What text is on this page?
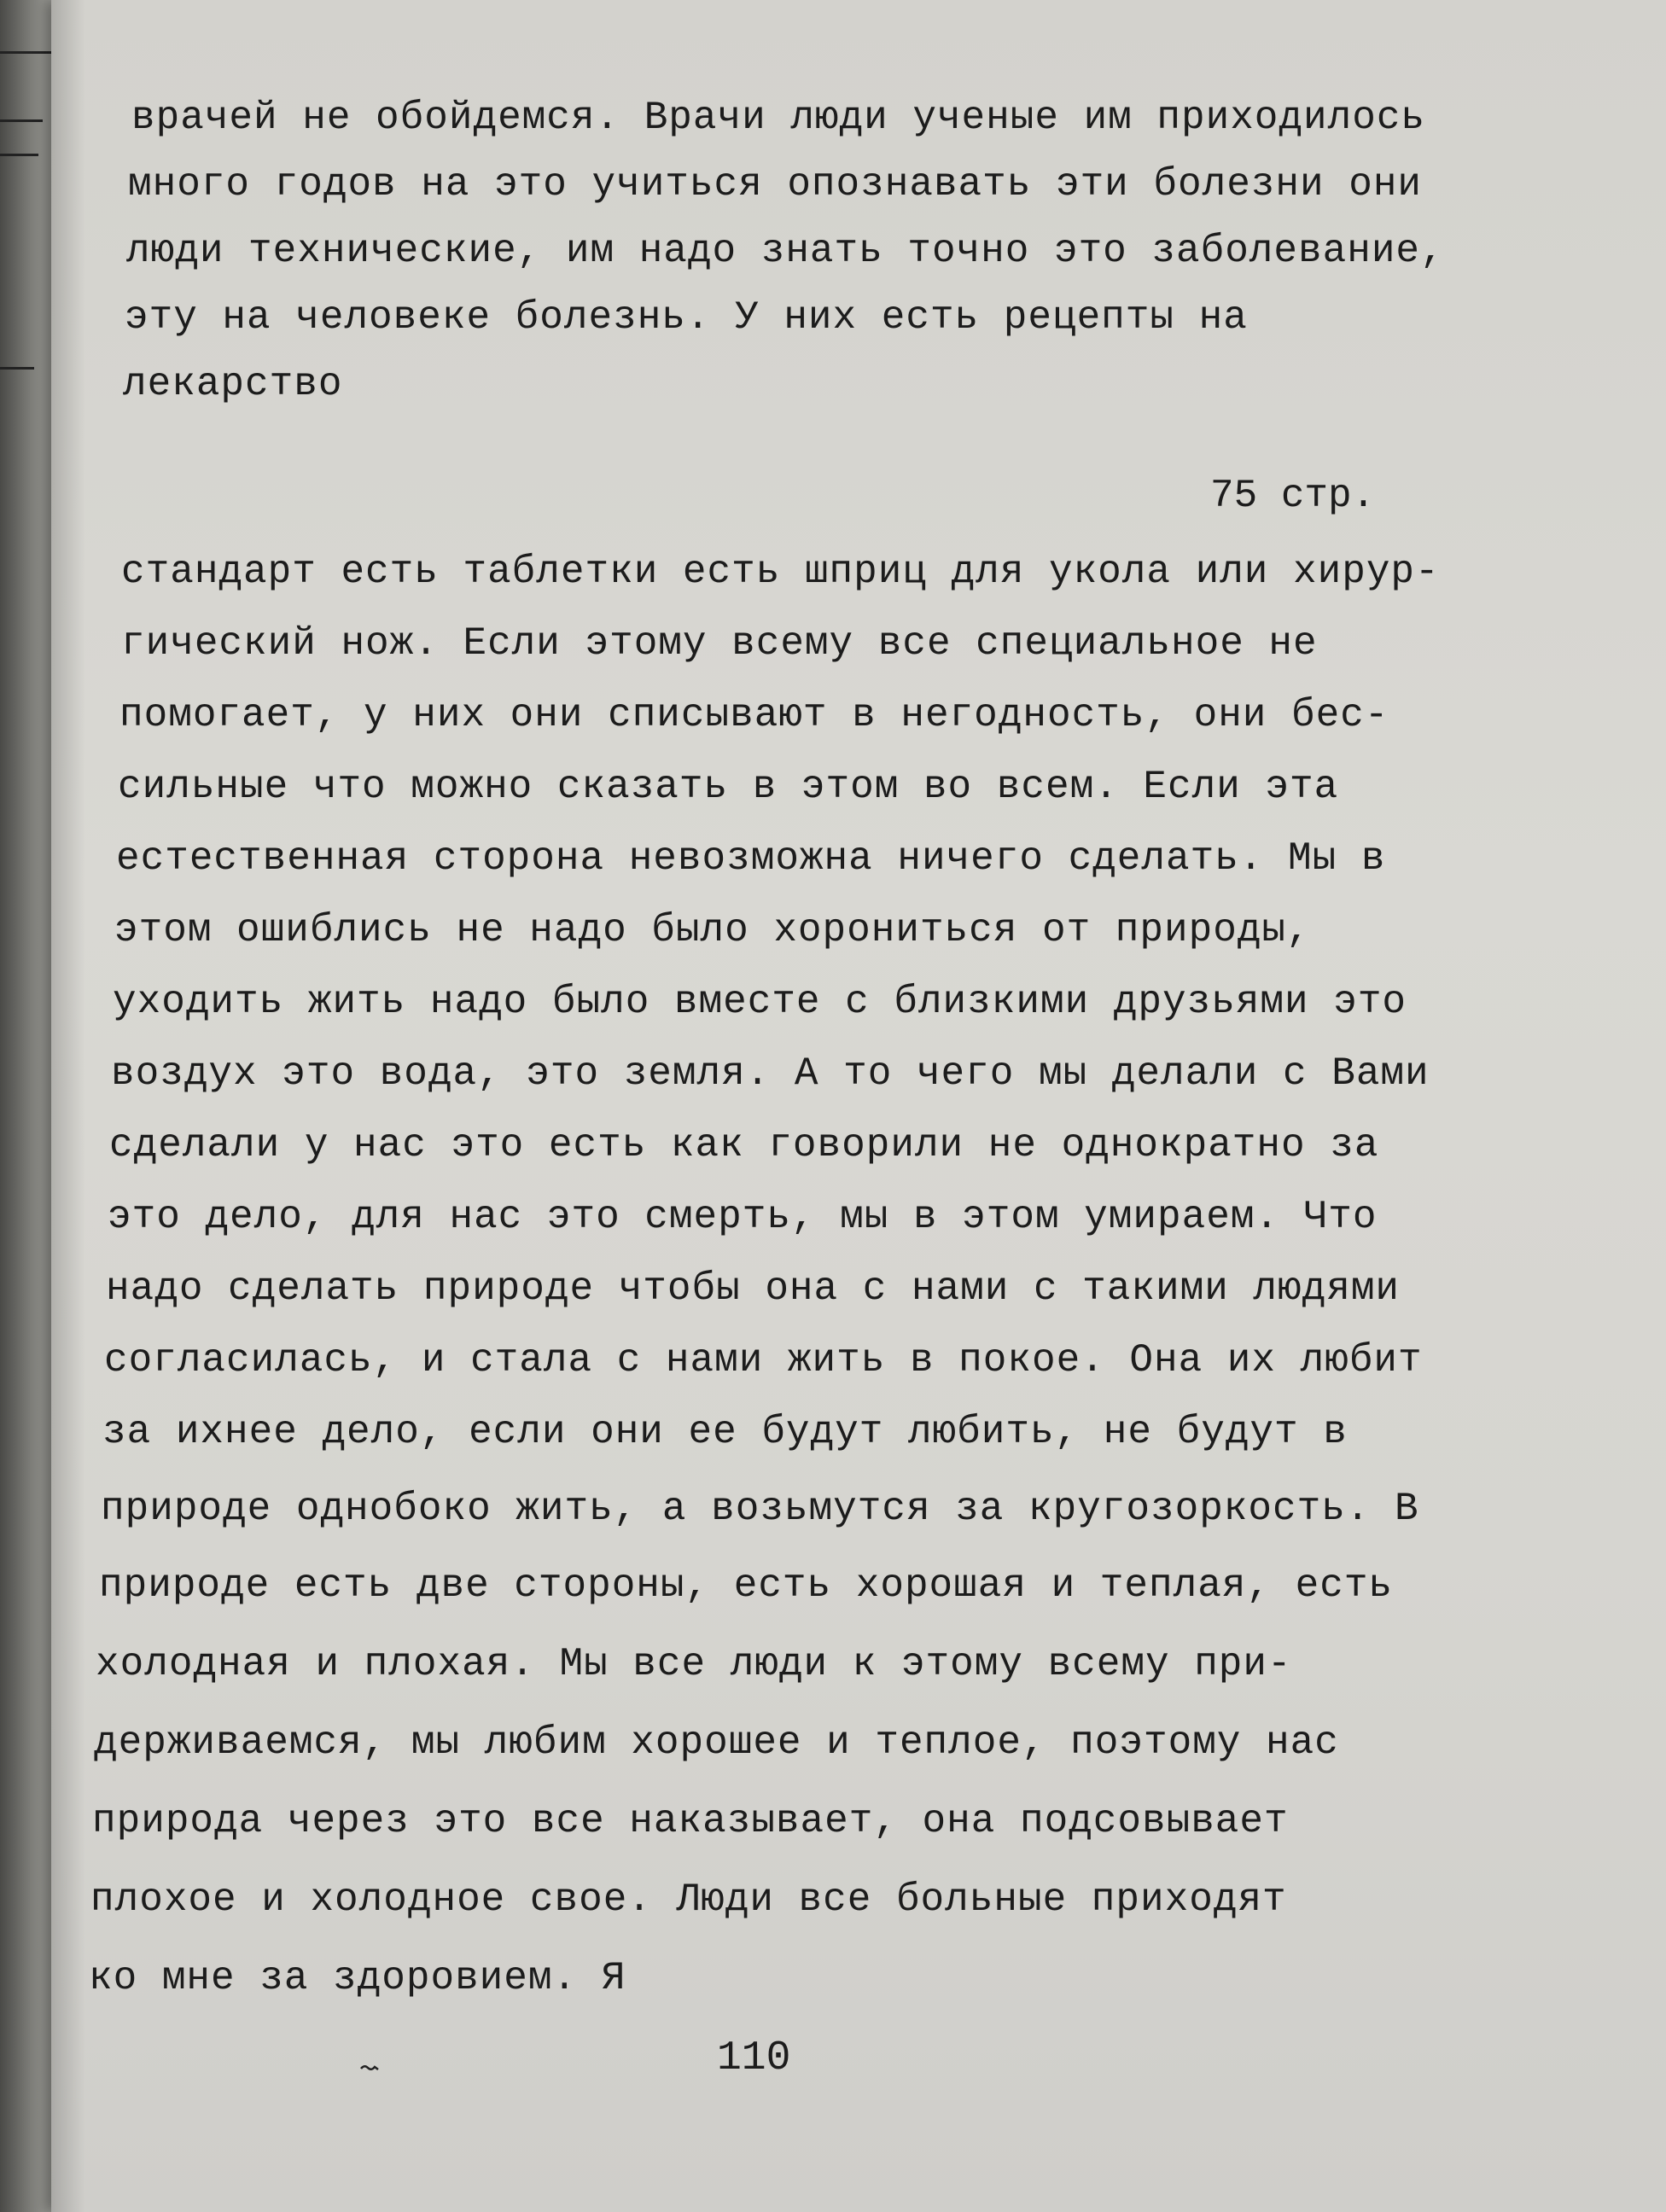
врачей не обойдемся. Врачи люди ученые им приходилось
много годов на это учиться опознавать эти болезни они
люди технические, им надо знать точно это заболевание,
эту на человеке болезнь. У них есть рецепты на
лекарство
стандарт есть таблетки есть шприц для укола или хирур-
гический нож. Если этому всему все специальное не
помогает, у них они списывают в негодность, они бес-
сильные что можно сказать в этом во всем. Если эта
естественная сторона невозможна ничего сделать. Мы в
этом ошиблись не надо было хорониться от природы,
уходить жить надо было вместе с близкими друзьями это
воздух это вода, это земля. А то чего мы делали с Вами
сделали у нас это есть как говорили не однократно за
это дело, для нас это смерть, мы в этом умираем. Что
надо сделать природе чтобы она с нами с такими людями
согласилась, и стала с нами жить в покое. Она их любит
за ихнее дело, если они ее будут любить, не будут в
природе однобоко жить, а возьмутся за кругозоркость. В
природе есть две стороны, есть хорошая и теплая, есть
холодная и плохая. Мы все люди к этому всему при-
держиваемся, мы любим хорошее и теплое, поэтому нас
природа через это все наказывает, она подсовывает
плохое и холодное свое. Люди все больные приходят
ко мне за здоровием. Я
75 стр.
110
